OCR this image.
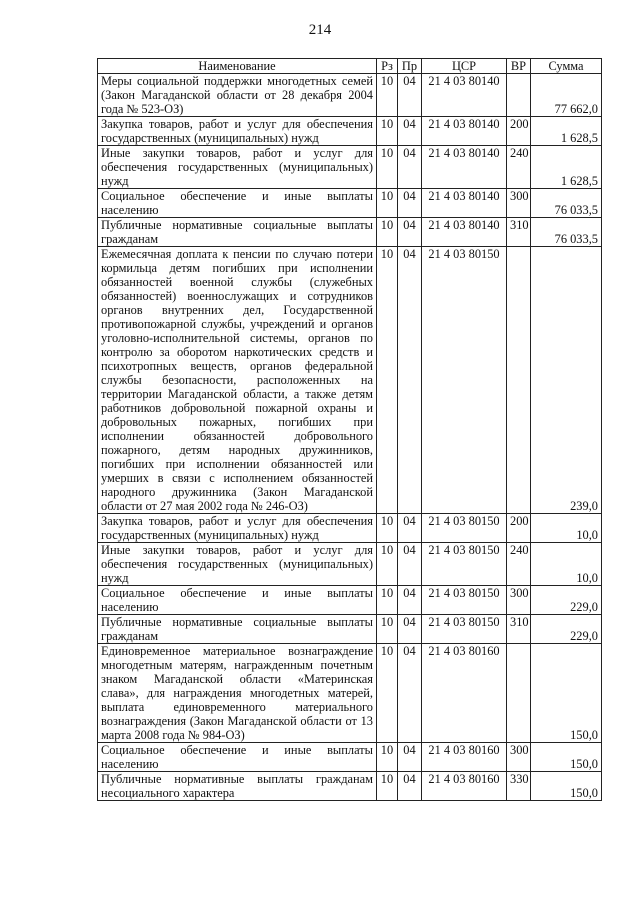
214
Наименование	Рз	Пр	ЦСР	ВР	Сумма
Меры социальной поддержки многодетных семей (Закон Магаданской области от 28 декабря 2004 года № 523-ОЗ)	10	04	21 4 03 80140		77 662,0
Закупка товаров, работ и услуг для обеспечения государственных (муниципальных) нужд	10	04	21 4 03 80140	200	1 628,5
Иные закупки товаров, работ и услуг для обеспечения государственных (муниципальных) нужд	10	04	21 4 03 80140	240	1 628,5
Социальное обеспечение и иные выплаты населению	10	04	21 4 03 80140	300	76 033,5
Публичные нормативные социальные выплаты гражданам	10	04	21 4 03 80140	310	76 033,5
Ежемесячная доплата к пенсии по случаю потери кормильца детям погибших при исполнении обязанностей военной службы (служебных обязанностей) военнослужащих и сотрудников органов внутренних дел, Государственной противопожарной службы, учреждений и органов уголовно-исполнительной системы, органов по контролю за оборотом наркотических средств и психотропных веществ, органов федеральной службы безопасности, расположенных на территории Магаданской области, а также детям работников добровольной пожарной охраны и добровольных пожарных, погибших при исполнении обязанностей добровольного пожарного, детям народных дружинников, погибших при исполнении обязанностей или умерших в связи с исполнением обязанностей народного дружинника (Закон Магаданской области от 27 мая 2002 года № 246-ОЗ)	10	04	21 4 03 80150		239,0
Закупка товаров, работ и услуг для обеспечения государственных (муниципальных) нужд	10	04	21 4 03 80150	200	10,0
Иные закупки товаров, работ и услуг для обеспечения государственных (муниципальных) нужд	10	04	21 4 03 80150	240	10,0
Социальное обеспечение и иные выплаты населению	10	04	21 4 03 80150	300	229,0
Публичные нормативные социальные выплаты гражданам	10	04	21 4 03 80150	310	229,0
Единовременное материальное вознаграждение многодетным матерям, награжденным почетным знаком Магаданской области «Материнская слава», для награждения многодетных матерей, выплата единовременного материального вознаграждения (Закон Магаданской области от 13 марта 2008 года № 984-ОЗ)	10	04	21 4 03 80160		150,0
Социальное обеспечение и иные выплаты населению	10	04	21 4 03 80160	300	150,0
Публичные нормативные выплаты гражданам несоциального характера	10	04	21 4 03 80160	330	150,0
